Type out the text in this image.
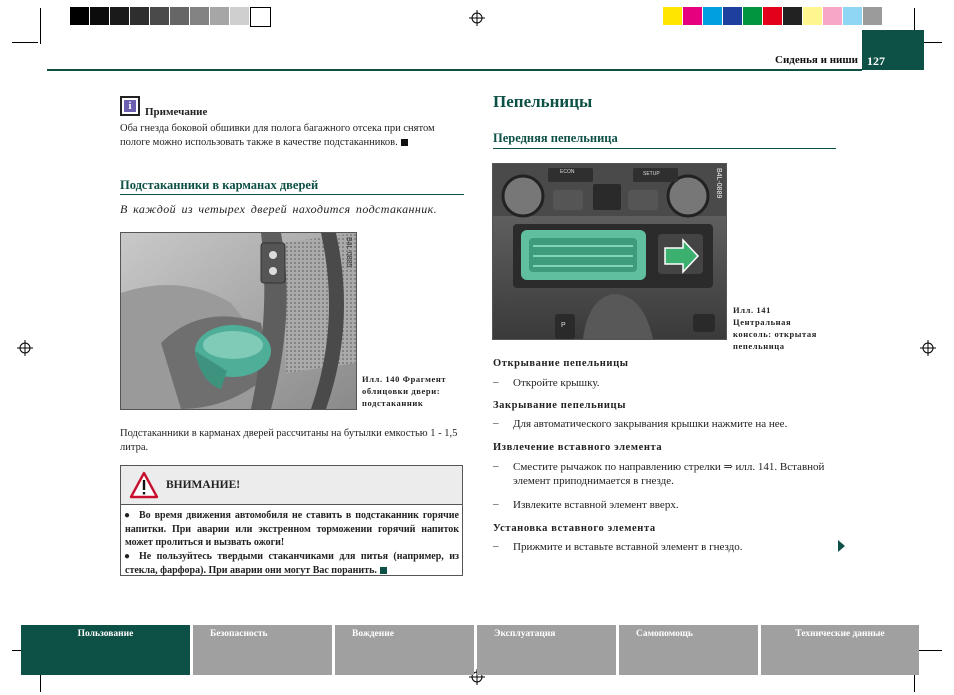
Сиденья и ниши 127
i	Примечание
Оба гнезда боковой обшивки для полога багажного отсека при снятом пологе можно использовать также в качестве подстаканников.
Подстаканники в карманах дверей
В каждой из четырех дверей находится подстаканник.
B4L-0885
Илл. 140 Фрагмент облицовки двери: подстаканник
Подстаканники в карманах дверей рассчитаны на бутылки емкостью 1 - 1,5 литра.
ВНИМАНИЕ!
● Во время движения автомобиля не ставить в подстаканник горячие напитки. При аварии или экстренном торможении горячий напиток может пролиться и вызвать ожоги!
● Не пользуйтесь твердыми стаканчиками для питья (например, из стекла, фарфора). При аварии они могут Вас поранить.
Пепельницы
Передняя пепельница
ECON	SETUP
P
B4L-0889
Илл. 141 Центральная консоль: открытая пепельница
Открывание пепельницы
– Откройте крышку.
Закрывание пепельницы
– Для автоматического закрывания крышки нажмите на нее.
Извлечение вставного элемента
– Сместите рычажок по направлению стрелки ⇒ илл. 141. Вставной элемент приподнимается в гнезде.
– Извлеките вставной элемент вверх.
Установка вставного элемента
– Прижмите и вставьте вставной элемент в гнездо.
Пользование	Безопасность	Вождение	Эксплуатация	Самопомощь	Технические данные
